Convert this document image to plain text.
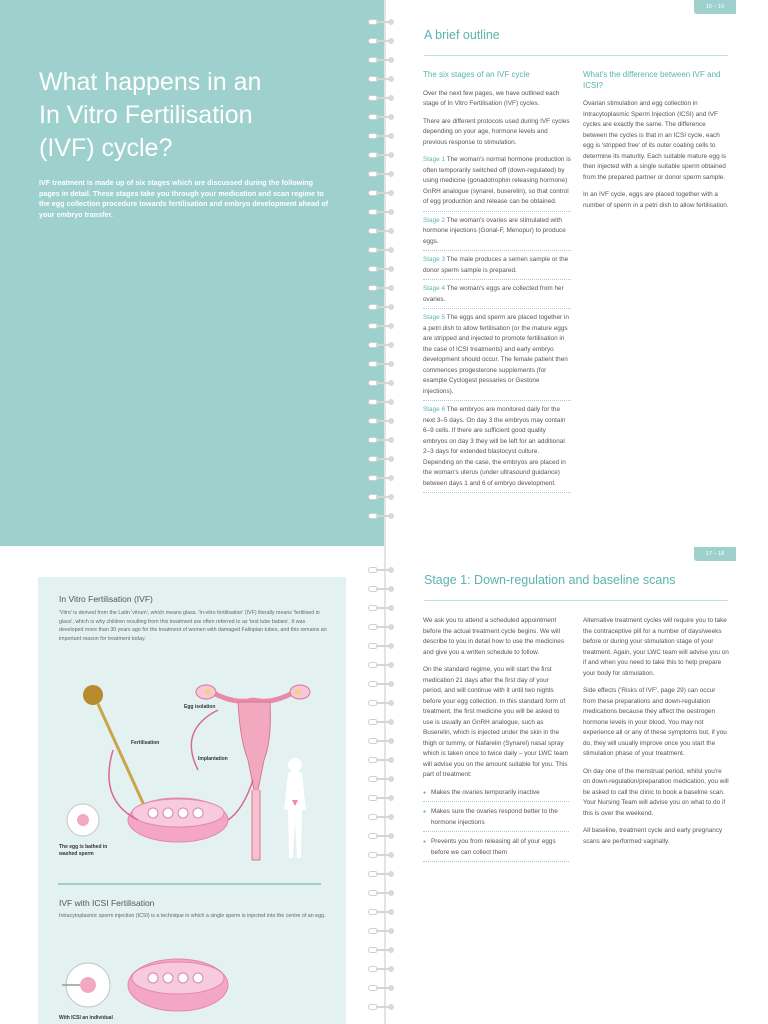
What happens in an
In Vitro Fertilisation
(IVF) cycle?

IVF treatment is made up of six stages which are discussed during the following pages in detail. These stages take you through your medication and scan regime to the egg collection procedure towards fertilisation and embryo development ahead of your embryo transfer.

15 – 16
A brief outline
The six stages of an IVF cycle

Over the next few pages, we have outlined each stage of In Vitro Fertilisation (IVF) cycles.

There are different protocols used during IVF cycles depending on your age, hormone levels and previous response to stimulation.

Stage 1 The woman's normal hormone production is often temporarily switched off (down-regulated) by using medicine (gonadotrophin releasing hormone) GnRH analogue (synarel, buserelin), so that control of egg production and release can be obtained.
Stage 2 The woman's ovaries are stimulated with hormone injections (Gonal-F, Menopur) to produce eggs.
Stage 3 The male produces a semen sample or the donor sperm sample is prepared.
Stage 4 The woman's eggs are collected from her ovaries.
Stage 5 The eggs and sperm are placed together in a petri dish to allow fertilisation (or the mature eggs are stripped and injected to promote fertilisation in the case of ICSI treatments) and early embryo development should occur. The female patient then commences progesterone supplements (for example Cyclogest pessaries or Gestone injections).
Stage 6 The embryos are monitored daily for the next 3–5 days. On day 3 the embryos may contain 6–9 cells. If there are sufficient good quality embryos on day 3 they will be left for an additional 2–3 days for extended blastocyst culture. Depending on the case, the embryos are placed in the woman's uterus (under ultrasound guidance) between days 1 and 6 of embryo development.
What's the difference between IVF and ICSI?

Ovarian stimulation and egg collection in Intracytoplasmic Sperm Injection (ICSI) and IVF cycles are exactly the same. The difference between the cycles is that in an ICSI cycle, each egg is 'stripped free' of its outer coating cells to determine its maturity. Each suitable mature egg is then injected with a single suitable sperm obtained from the prepared partner or donor sperm sample.

In an IVF cycle, eggs are placed together with a number of sperm in a petri dish to allow fertilisation.

In Vitro Fertilisation (IVF)

'Vitro' is derived from the Latin 'vitrum', which means glass. 'In-vitro fertilisation' (IVF) literally means 'fertilised in glass', which is why children resulting from this treatment are often referred to as 'test tube babies'. It was developed more than 30 years ago for the treatment of women with damaged Fallopian tubes, and this remains an important reason for treatment today.

Egg isolation
Fertilisation
Implantation
The egg is bathed in washed sperm
IVF with ICSI Fertilisation

Intracytoplasmic sperm injection (ICSI) is a technique in which a single sperm is injected into the centre of an egg.

With ICSI an individual
17 – 18
Stage 1: Down-regulation and baseline scans

We ask you to attend a scheduled appointment before the actual treatment cycle begins. We will describe to you in detail how to use the medicines and give you a written schedule to follow.

On the standard regime, you will start the first medication 21 days after the first day of your period, and will continue with it until two nights before your egg collection. In this standard form of treatment, the first medicine you will be asked to use is usually an GnRH analogue, such as Buserelin, which is injected under the skin in the thigh or tummy, or Nafarelin (Synarel) nasal spray which is taken once to twice daily – your LWC team will advise you on the amount suitable for you. This part of treatment:

● Makes the ovaries temporarily inactive
● Makes sure the ovaries respond better to the hormone injections
● Prevents you from releasing all of your eggs before we can collect them

Alternative treatment cycles will require you to take the contraceptive pill for a number of days/weeks before or during your stimulation stage of your treatment. Again, your LWC team will advise you on if and when you need to take this to help prepare your body for stimulation.

Side effects ('Risks of IVF', page 29) can occur from these preparations and down-regulation medications because they affect the oestrogen hormone levels in your blood. You may not experience all or any of these symptoms but, if you do, they will usually improve once you start the stimulation phase of your treatment.

On day one of the menstrual period, whilst you're on down-regulation/preparation medication, you will be asked to call the clinic to book a baseline scan. Your Nursing Team will advise you on what to do if this is over the weekend.

All baseline, treatment cycle and early pregnancy scans are performed vaginally.
